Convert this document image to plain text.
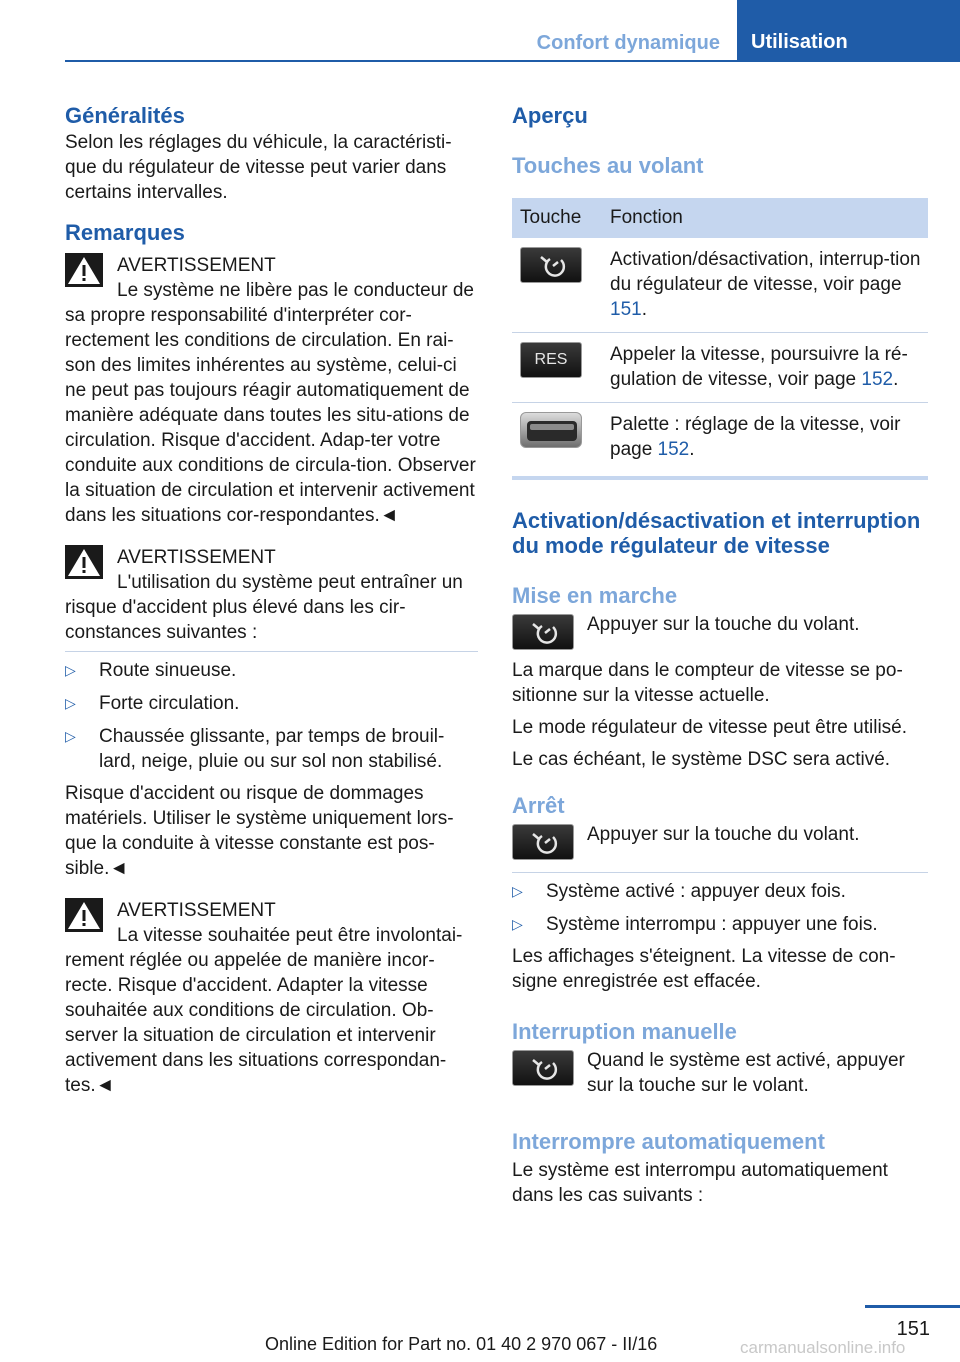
Confort dynamique	Utilisation
Généralités

Selon les réglages du véhicule, la caractéristi-que du régulateur de vitesse peut varier dans certains intervalles.

Remarques
AVERTISSEMENT

Le système ne libère pas le conducteur de sa propre responsabilité d'interpréter cor-rectement les conditions de circulation. En rai-son des limites inhérentes au système, celui-ci ne peut pas toujours réagir automatiquement de manière adéquate dans toutes les situ-ations de circulation. Risque d'accident. Adap-ter votre conduite aux conditions de circula-tion. Observer la situation de circulation et intervenir activement dans les situations cor-respondantes.◄

AVERTISSEMENT

L'utilisation du système peut entraîner un risque d'accident plus élevé dans les cir-constances suivantes :

▷ Route sinueuse.
▷ Forte circulation.
▷ Chaussée glissante, par temps de brouil-lard, neige, pluie ou sur sol non stabilisé.

Risque d'accident ou risque de dommages matériels. Utiliser le système uniquement lors-que la conduite à vitesse constante est pos-sible.◄

AVERTISSEMENT

La vitesse souhaitée peut être involontai-rement réglée ou appelée de manière incor-recte. Risque d'accident. Adapter la vitesse souhaitée aux conditions de circulation. Ob-server la situation de circulation et intervenir activement dans les situations correspondan-tes.◄

Aperçu
Touches au volant
Touche	Fonction

	Activation/désactivation, interrup-tion du régulateur de vitesse, voir page 151.

RES	Appeler la vitesse, poursuivre la ré-gulation de vitesse, voir page 152.

	Palette : réglage de la vitesse, voir page 152.
Activation/désactivation et interruption du mode régulateur de vitesse
Mise en marche

Appuyer sur la touche du volant.

La marque dans le compteur de vitesse se po-sitionne sur la vitesse actuelle.

Le mode régulateur de vitesse peut être utilisé.

Le cas échéant, le système DSC sera activé.

Arrêt

Appuyer sur la touche du volant.

▷ Système activé : appuyer deux fois.
▷ Système interrompu : appuyer une fois.

Les affichages s'éteignent. La vitesse de con-signe enregistrée est effacée.

Interruption manuelle

Quand le système est activé, appuyer sur la touche sur le volant.

Interrompre automatiquement

Le système est interrompu automatiquement dans les cas suivants :

151
Online Edition for Part no. 01 40 2 970 067 - II/16	carmanualsonline.info
